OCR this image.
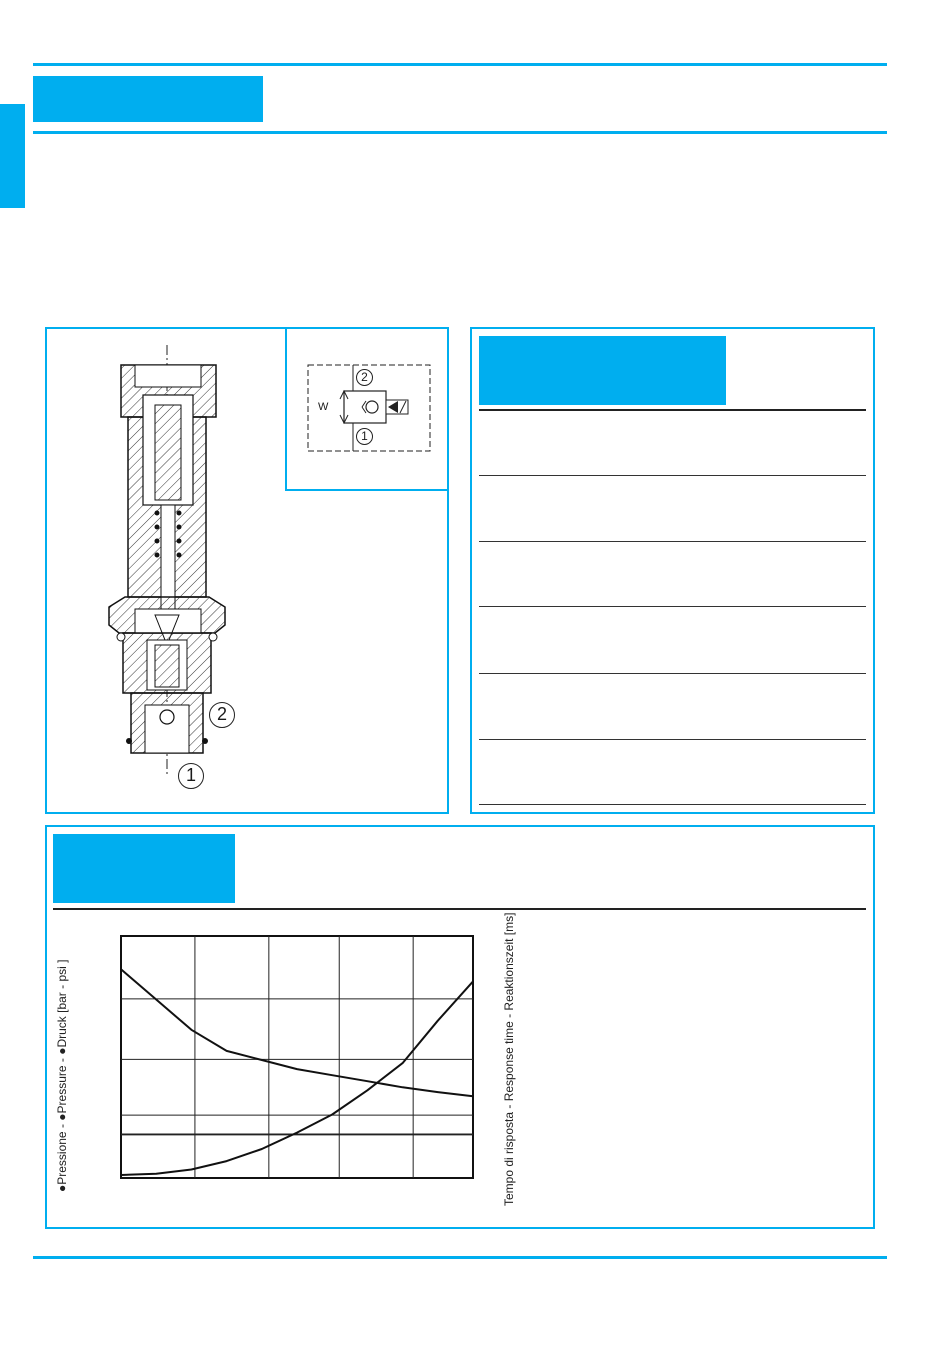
2
1
2
1
W
●Pressione - ●Pressure - ●Druck [bar - psi ]	Tempo di risposta - Response time - Reaktionszeit [ms]
